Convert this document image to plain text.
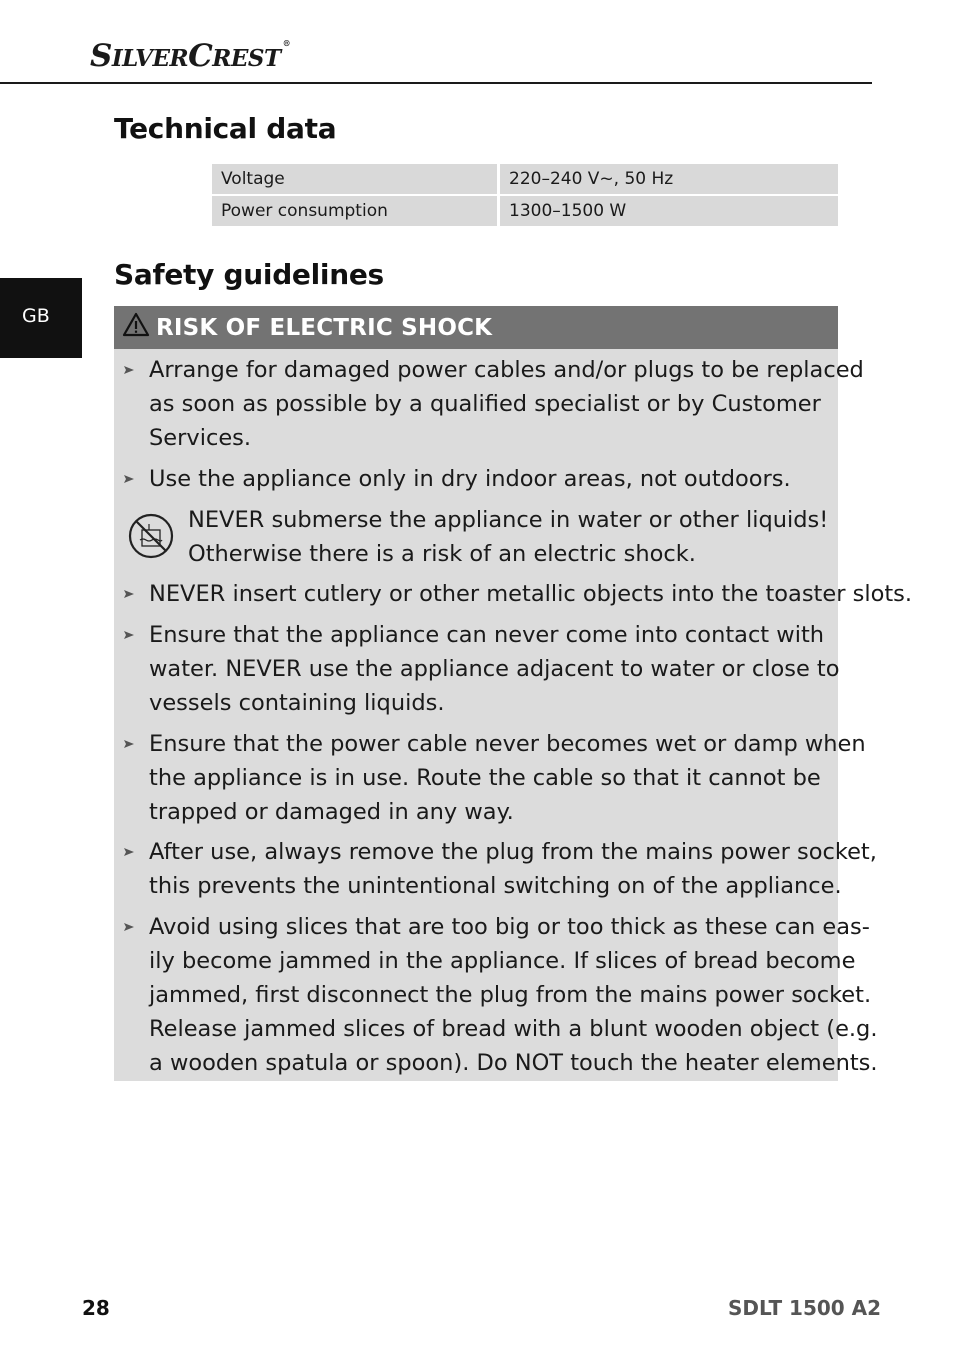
SILVERCREST®
Technical data
Voltage	220–240 V~, 50 Hz
Power consumption	1300–1500 W
GB
Safety guidelines
RISK OF ELECTRIC SHOCK
Arrange for damaged power cables and/or plugs to be replaced
as soon as possible by a qualified specialist or by Customer
Services.
Use the appliance only in dry indoor areas, not outdoors.
NEVER submerse the appliance in water or other liquids!
Otherwise there is a risk of an electric shock.
NEVER insert cutlery or other metallic objects into the toaster slots.
Ensure that the appliance can never come into contact with
water. NEVER use the appliance adjacent to water or close to
vessels containing liquids.
Ensure that the power cable never becomes wet or damp when
the appliance is in use. Route the cable so that it cannot be
trapped or damaged in any way.
After use, always remove the plug from the mains power socket,
this prevents the unintentional switching on of the appliance.
Avoid using slices that are too big or too thick as these can eas-
ily become jammed in the appliance. If slices of bread become
jammed, first disconnect the plug from the mains power socket.
Release jammed slices of bread with a blunt wooden object (e.g.
a wooden spatula or spoon). Do NOT touch the heater elements.
28	SDLT 1500 A2
